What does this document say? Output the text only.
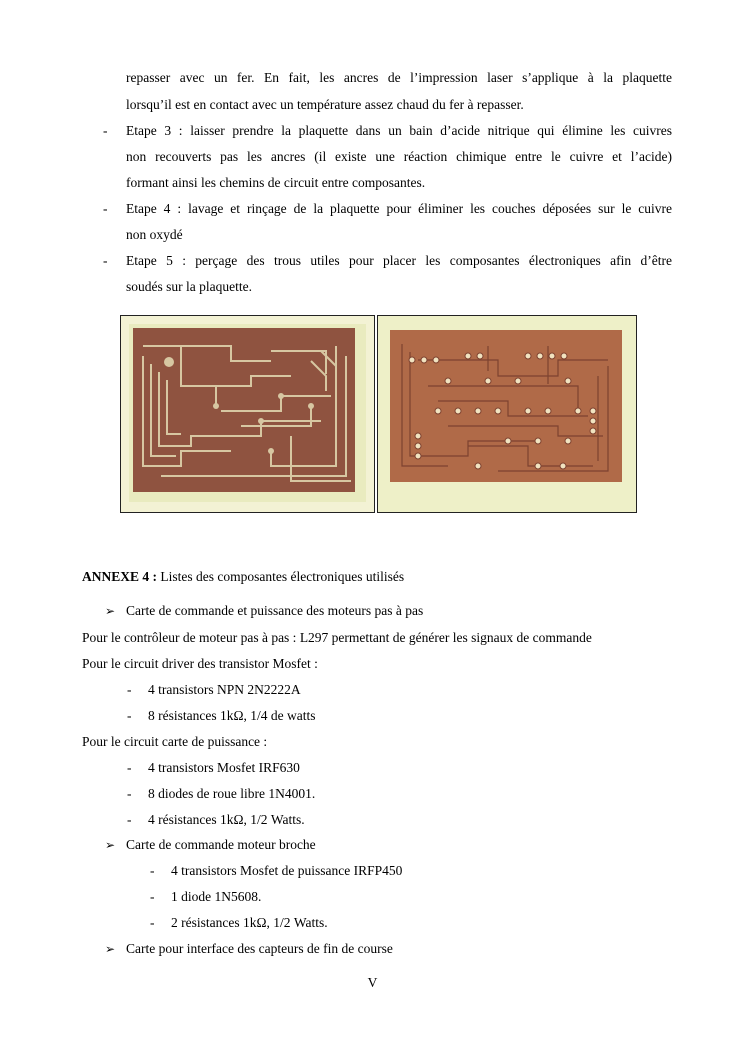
repasser avec un fer. En fait, les ancres de l’impression laser s’applique à la plaquette
lorsqu’il est en contact avec un température assez chaud du fer à repasser.
- Etape 3 : laisser prendre la plaquette dans un bain d’acide nitrique qui élimine les cuivres
non recouverts pas les ancres (il existe une réaction chimique entre le cuivre et l’acide)
formant ainsi les chemins de circuit entre composantes.
- Etape 4 : lavage et rinçage de la plaquette pour éliminer les couches déposées sur le cuivre
non oxydé
- Etape 5 : perçage des trous utiles pour placer les composantes électroniques afin d’être
soudés sur la plaquette.
ANNEXE 4 : Listes des composantes électroniques utilisés
➢ Carte de commande et puissance des moteurs pas à pas
Pour le contrôleur de moteur pas à pas : L297 permettant de générer les signaux de commande
Pour le circuit driver des transistor Mosfet :
- 4 transistors NPN 2N2222A
- 8 résistances 1kΩ, 1/4 de watts
Pour le circuit carte de puissance :
- 4 transistors Mosfet IRF630
- 8 diodes de roue libre 1N4001.
- 4 résistances 1kΩ, 1/2 Watts.
➢ Carte de commande moteur broche
- 4 transistors Mosfet de puissance IRFP450
- 1 diode 1N5608.
- 2 résistances 1kΩ, 1/2 Watts.
➢ Carte pour interface des capteurs de fin de course
V
